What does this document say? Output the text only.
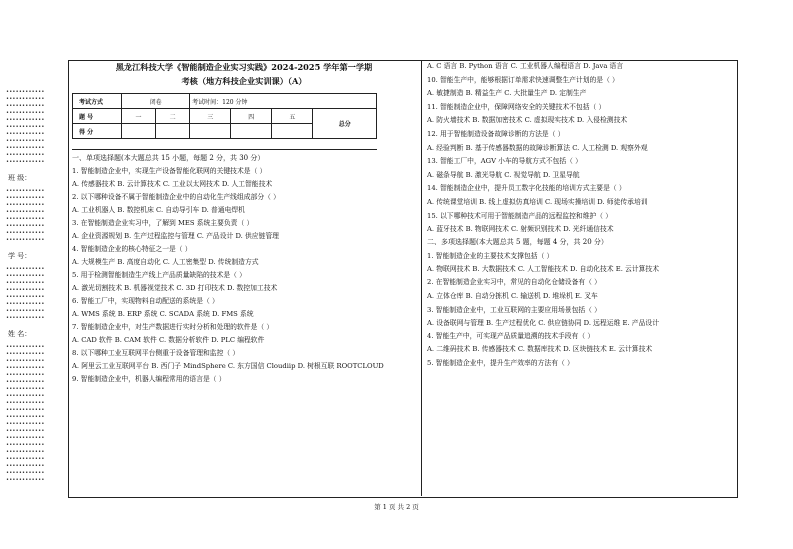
••••••••••••
••••••••••••
••••••••••••
••••••••••••
••••••••••••
••••••••••••
••••••••••••
••••••••••••
••••••••••••
••••••••••••
••••••••••••
班 级：
••••••••••••
••••••••••••
••••••••••••
••••••••••••
••••••••••••
••••••••••••
••••••••••••
••••••••••••
学 号：
••••••••••••
••••••••••••
••••••••••••
••••••••••••
••••••••••••
••••••••••••
••••••••••••
••••••••••••
姓 名：
••••••••••••
••••••••••••
••••••••••••
••••••••••••
••••••••••••
••••••••••••
••••••••••••
••••••••••••
••••••••••••
••••••••••••
••••••••••••
••••••••••••
••••••••••••
••••••••••••
••••••••••••
••••••••••••
••••••••••••
••••••••••••
••••••••••••
••••••••••••
黑龙江科技大学《智能制造企业实习实践》2024-2025 学年第一学期
考核（地方科技企业实训课）（A）
考试方式	闭卷		考试时间：120 分钟			
题 号	一	二	三	四	五	总分
得 分						
一、单项选择题(本大题总共 15 小题，每题 2 分，共 30 分）
1. 智能制造企业中，实现生产设备智能化联网的关键技术是（ ）
A. 传感器技术 B. 云计算技术 C. 工业以太网技术 D. 人工智能技术
2. 以下哪种设备不属于智能制造企业中的自动化生产线组成部分（ ）
A. 工业机器人 B. 数控机床 C. 自动导引车 D. 普通电焊机
3. 在智能制造企业实习中，了解到 MES 系统主要负责（ ）
A. 企业资源规划 B. 生产过程监控与管理 C. 产品设计 D. 供应链管理
4. 智能制造企业的核心特征之一是（ ）
A. 大规模生产 B. 高度自动化 C. 人工密集型 D. 传统制造方式
5. 用于检测智能制造生产线上产品质量缺陷的技术是（ ）
A. 激光切割技术 B. 机器视觉技术 C. 3D 打印技术 D. 数控加工技术
6. 智能工厂中，实现物料自动配送的系统是（ ）
A. WMS 系统 B. ERP 系统 C. SCADA 系统 D. FMS 系统
7. 智能制造企业中，对生产数据进行实时分析和处理的软件是（ ）
A. CAD 软件 B. CAM 软件 C. 数据分析软件 D. PLC 编程软件
8. 以下哪种工业互联网平台侧重于设备管理和监控（ ）
A. 阿里云工业互联网平台 B. 西门子 MindSphere C. 东方国信 Cloudiip D. 树根互联 ROOTCLOUD
9. 智能制造企业中，机器人编程常用的语言是（ ）
A. C 语言 B. Python 语言 C. 工业机器人编程语言 D. Java 语言
10. 智能生产中，能够根据订单需求快速调整生产计划的是（ ）
A. 敏捷制造 B. 精益生产 C. 大批量生产 D. 定制生产
11. 智能制造企业中，保障网络安全的关键技术不包括（ ）
A. 防火墙技术 B. 数据加密技术 C. 虚拟现实技术 D. 入侵检测技术
12. 用于智能制造设备故障诊断的方法是（ ）
A. 经验判断 B. 基于传感器数据的故障诊断算法 C. 人工检测 D. 观察外观
13. 智能工厂中，AGV 小车的导航方式不包括（ ）
A. 磁条导航 B. 激光导航 C. 视觉导航 D. 卫星导航
14. 智能制造企业中，提升员工数字化技能的培训方式主要是（ ）
A. 传统课堂培训 B. 线上虚拟仿真培训 C. 现场实操培训 D. 师徒传承培训
15. 以下哪种技术可用于智能制造产品的远程监控和维护（ ）
A. 蓝牙技术 B. 物联网技术 C. 射频识别技术 D. 光纤通信技术
二、多项选择题(本大题总共 5 题，每题 4 分，共 20 分）
1. 智能制造企业的主要技术支撑包括（ ）
A. 物联网技术 B. 大数据技术 C. 人工智能技术 D. 自动化技术 E. 云计算技术
2. 在智能制造企业实习中，常见的自动化仓储设备有（ ）
A. 立体仓库 B. 自动分拣机 C. 输送机 D. 堆垛机 E. 叉车
3. 智能制造企业中，工业互联网的主要应用场景包括（ ）
A. 设备联网与管理 B. 生产过程优化 C. 供应链协同 D. 远程运维 E. 产品设计
4. 智能生产中，可实现产品质量追溯的技术手段有（ ）
A. 二维码技术 B. 传感器技术 C. 数据库技术 D. 区块链技术 E. 云计算技术
5. 智能制造企业中，提升生产效率的方法有（ ）
第 1 页 共 2 页
